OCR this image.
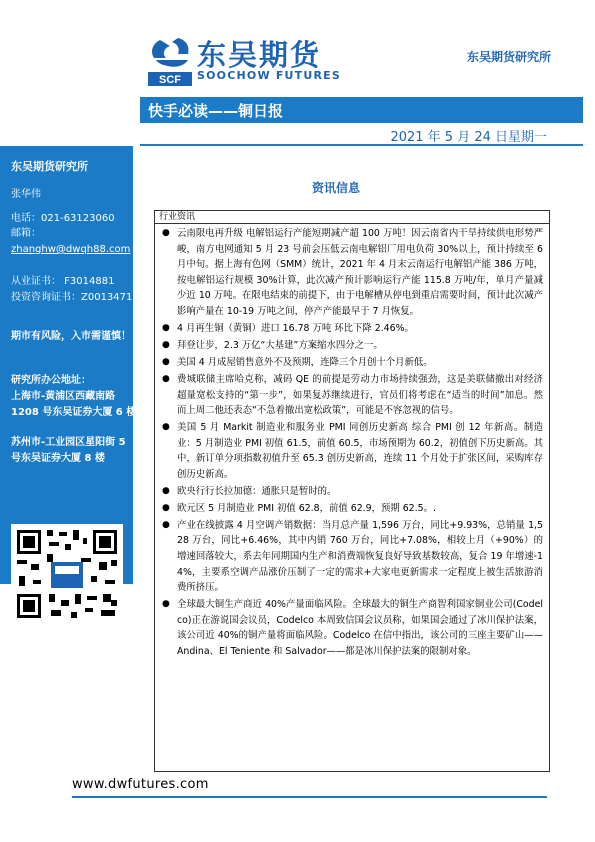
SCF
东吴期货
SOOCHOW FUTURES
东吴期货研究所
快手必读——铜日报
2021 年 5 月 24 日星期一
东吴期货研究所
张华伟
电话：021-63123060
邮箱：
zhanghw@dwqh88.com
从业证书： F3014881
投资咨询证书：Z0013471
期市有风险，入市需谨慎！
研究所办公地址：
上海市-黄浦区西藏南路
1208 号东吴证券大厦 6 楼
苏州市-工业园区星阳街 5
号东吴证券大厦 8 楼
资讯信息
行业资讯
● 云南限电再升级 电解铝运行产能短期减产超 100 万吨！因云南省内干旱持续供电形势严峻，南方电网通知 5 月 23 号前会压低云南电解铝厂用电负荷 30%以上，预计持续至 6 月中旬。据上海有色网（SMM）统计，2021 年 4 月末云南运行电解铝产能 386 万吨，按电解铝运行规模 30%计算，此次减产预计影响运行产能 115.8 万吨/年，单月产量减少近 10 万吨。在限电结束的前提下，由于电解槽从停电到重启需要时间，预计此次减产影响产量在 10-19 万吨之间，停产产能最早于 7 月恢复。
● 4 月再生铜（黄铜）进口 16.78 万吨 环比下降 2.46%。
● 拜登让步，2.3 万亿“大基建”方案缩水四分之一。
● 美国 4 月成屋销售意外不及预期，连降三个月创十个月新低。
● 费城联储主席哈克称，减码 QE 的前提是劳动力市场持续强劲，这是美联储撤出对经济超量宽松支持的“第一步”，如果复苏继续进行，官员们将考虑在“适当的时间”加息。然而上周二他还表态“不急着撤出宽松政策”，可能是不容忽视的信号。
● 美国 5 月 Markit 制造业和服务业 PMI 同创历史新高 综合 PMI 创 12 年新高。制造业：5 月制造业 PMI 初值 61.5，前值 60.5，市场预期为 60.2，初值创下历史新高。其中，新订单分项指数初值升至 65.3 创历史新高，连续 11 个月处于扩张区间，采购库存创历史新高。
● 欧央行行长拉加德：通胀只是暂时的。
● 欧元区 5 月制造业 PMI 初值 62.8，前值 62.9，预期 62.5。.
● 产业在线披露 4 月空调产销数据：当月总产量 1,596 万台，同比+9.93%，总销量 1,528 万台，同比+6.46%，其中内销 760 万台，同比+7.08%，相较上月（+90%）的增速回落较大，系去年同期国内生产和消费端恢复良好导致基数较高，复合 19 年增速-14%，主要系空调产品涨价压制了一定的需求+大家电更新需求一定程度上被生活旅游消费所挤压。
● 全球最大铜生产商近 40%产量面临风险。全球最大的铜生产商智利国家铜业公司(Codelco)正在游说国会议员，Codelco 本周致信国会议员称，如果国会通过了冰川保护法案，该公司近 40%的铜产量将面临风险。Codelco 在信中指出，该公司的三座主要矿山——Andina、El Teniente 和 Salvador——都是冰川保护法案的限制对象。
www.dwfutures.com
